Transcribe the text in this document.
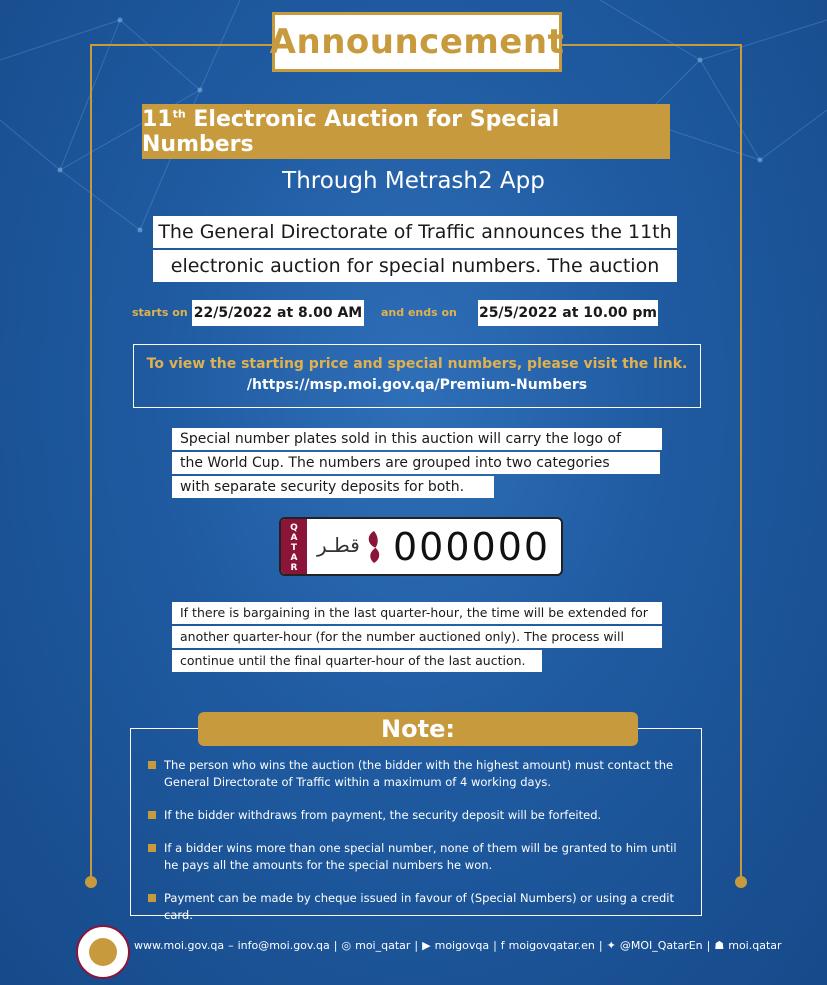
Announcement
11th Electronic Auction for Special Numbers
Through Metrash2 App
The General Directorate of Traffic announces the 11th
electronic auction for special numbers. The auction
starts on 22/5/2022 at 8.00 AM and ends on 25/5/2022 at 10.00 pm
To view the starting price and special numbers, please visit the link.
/https://msp.moi.gov.qa/Premium-Numbers
Special number plates sold in this auction will carry the logo of
the World Cup. The numbers are grouped into two categories
with separate security deposits for both.
Q
A
T
A
R
قطـر 000000
If there is bargaining in the last quarter-hour, the time will be extended for
another quarter-hour (for the number auctioned only). The process will
continue until the final quarter-hour of the last auction.
Note:
The person who wins the auction (the bidder with the highest amount) must contact the General Directorate of Traffic within a maximum of 4 working days.
If the bidder withdraws from payment, the security deposit will be forfeited.
If a bidder wins more than one special number, none of them will be granted to him until he pays all the amounts for the special numbers he won.
Payment can be made by cheque issued in favour of (Special Numbers) or using a credit card.
www.moi.gov.qa – info@moi.gov.qa | ◎ moi_qatar | ▶ moigovqa | f moigovqatar.en | ✦ @MOI_QatarEn | ☗ moi.qatar
